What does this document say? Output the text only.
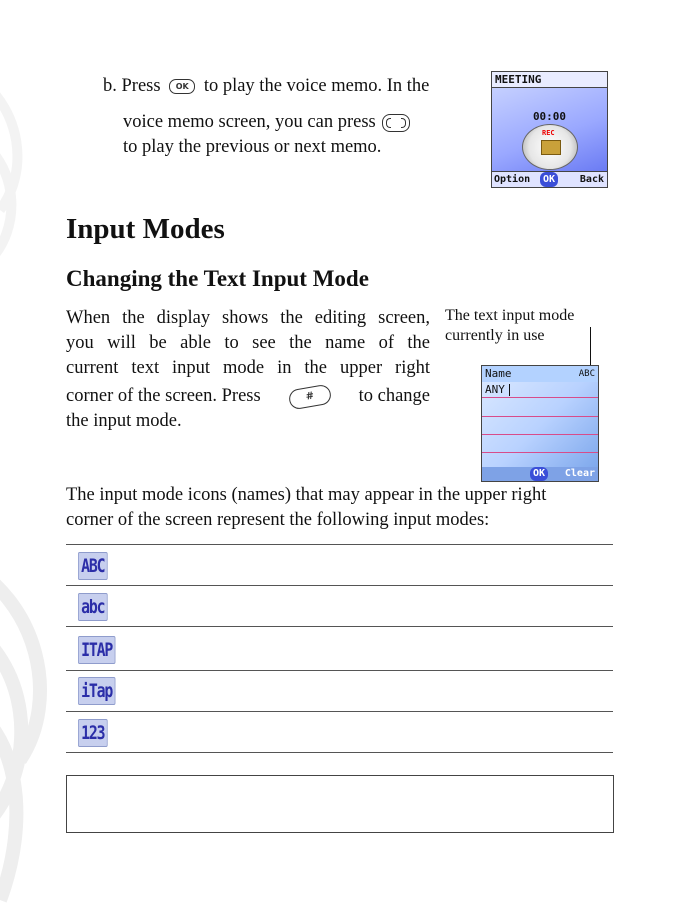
b. Press OK to play the voice memo. In the
voice memo screen, you can press
to play the previous or next memo.
MEETING
00:00
REC
Option	OK	Back
Input Modes
Changing the Text Input Mode
When the display shows the editing screen,
you will be able to see the name of the
current text input mode in the upper right
corner of the screen. Press	#	to change
the input mode.
The text input mode
currently in use
Name	ABC
ANY
OK	Clear
The input mode icons (names) that may appear in the upper right
corner of the screen represent the following input modes:
ABC
abc
ITAP
iTap
123
